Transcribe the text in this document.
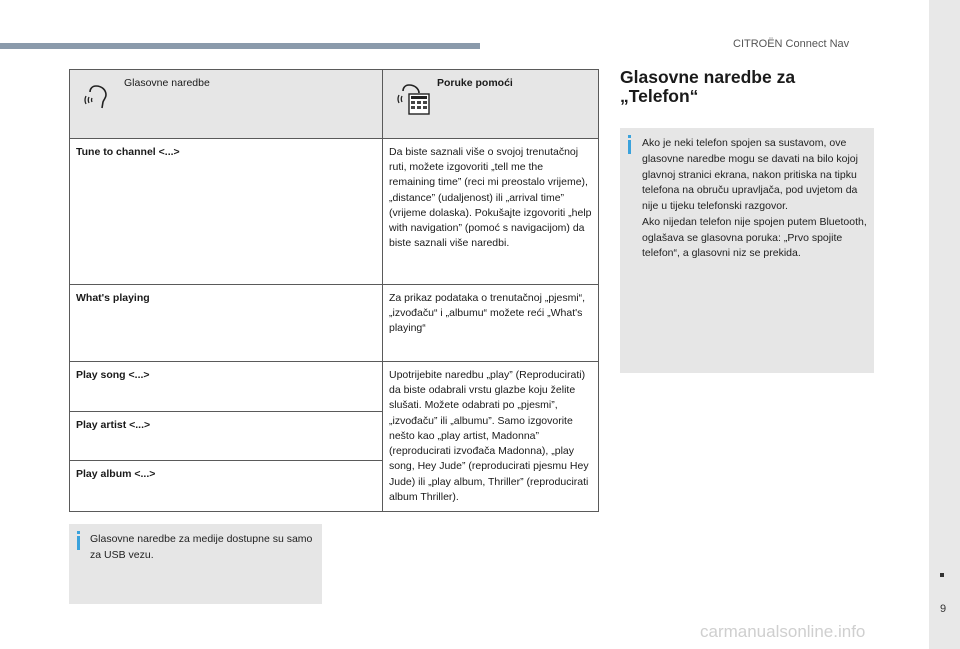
CITROËN Connect Nav
9
Glasovne naredbe	Poruke pomoći
Tune to channel <...>	Da biste saznali više o svojoj trenutačnoj ruti, možete izgovoriti „tell me the remaining time” (reci mi preostalo vrijeme), „distance” (udaljenost) ili „arrival time” (vrijeme dolaska). Pokušajte izgovoriti „help with navigation” (pomoć s navigacijom) da biste saznali više naredbi.
What's playing	Za prikaz podataka o trenutačnoj „pjesmi“, „izvođaču“ i „albumu“ možete reći „What's playing“
Play song <...>	Upotrijebite naredbu „play” (Reproducirati) da biste odabrali vrstu glazbe koju želite slušati. Možete odabrati po „pjesmi”, „izvođaču” ili „albumu”. Samo izgovorite nešto kao „play artist, Madonna” (reproducirati izvođača Madonna), „play song, Hey Jude” (reproducirati pjesmu Hey Jude) ili „play album, Thriller” (reproducirati album Thriller).
Play artist <...>	
Play album <...>	
Glasovne naredbe za medije dostupne su samo za USB vezu.
Glasovne naredbe za „Telefon“
Ako je neki telefon spojen sa sustavom, ove glasovne naredbe mogu se davati na bilo kojoj glavnoj stranici ekrana, nakon pritiska na tipku telefona na obruču upravljača, pod uvjetom da nije u tijeku telefonski razgovor.
Ako nijedan telefon nije spojen putem Bluetooth, oglašava se glasovna poruka: „Prvo spojite telefon“, a glasovni niz se prekida.
carmanualsonline.info
